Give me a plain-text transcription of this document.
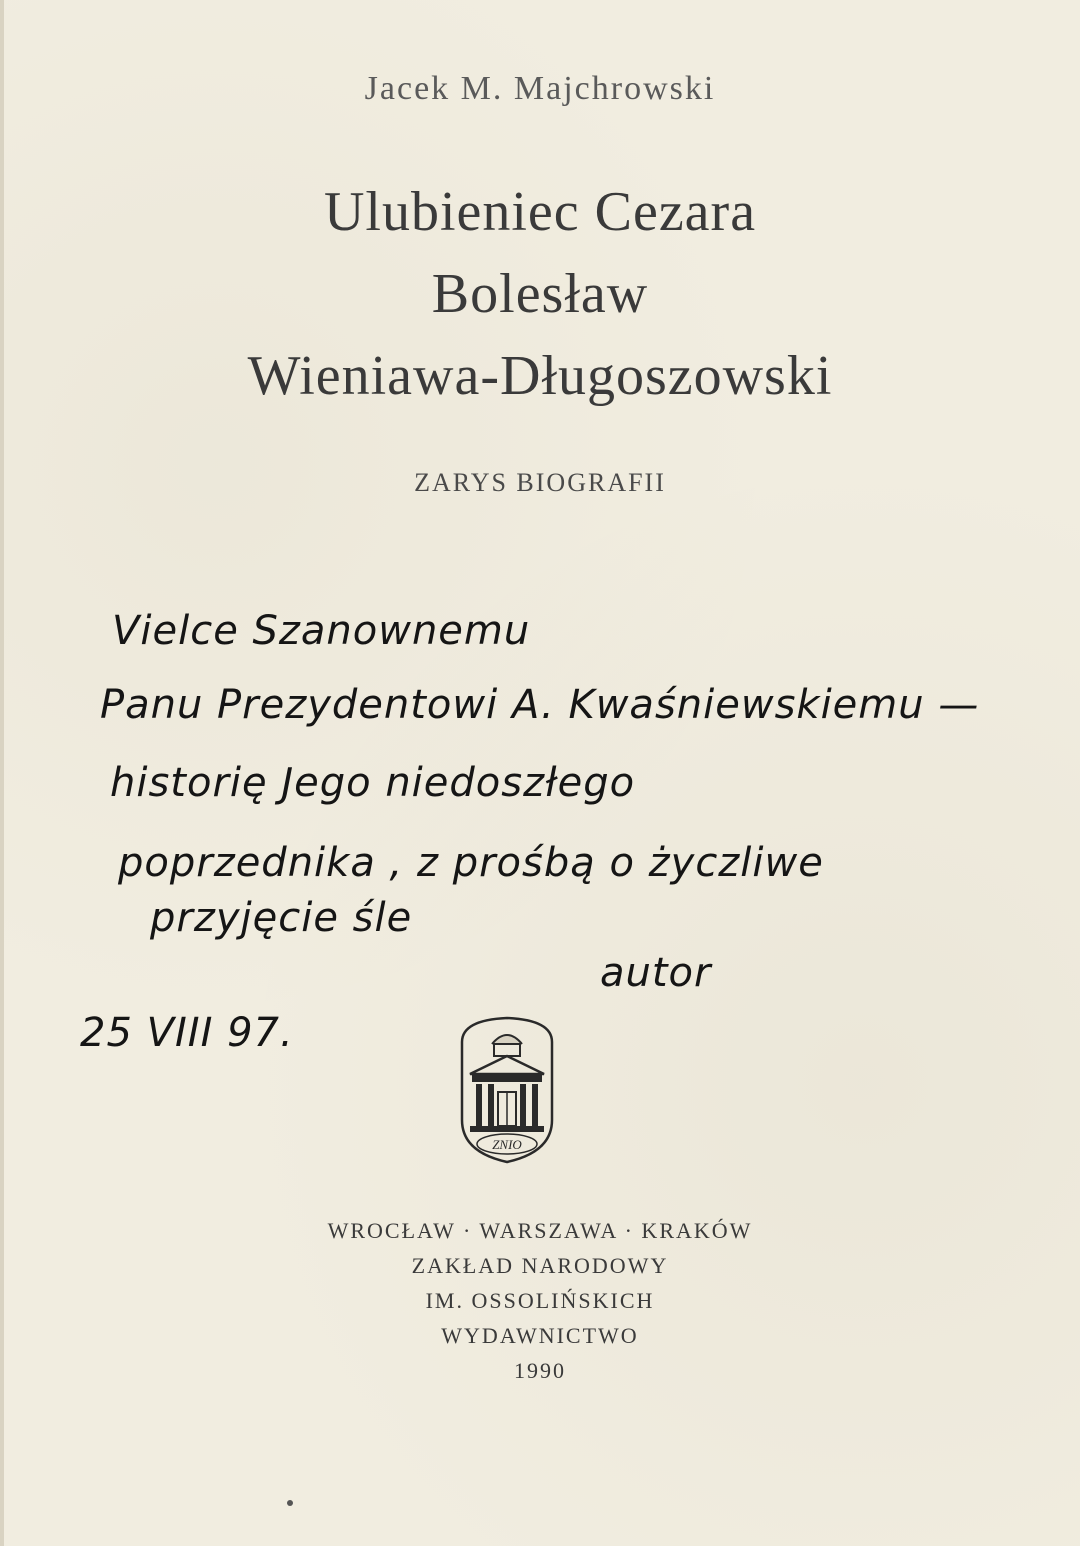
Jacek M. Majchrowski
Ulubieniec Cezara
Bolesław
Wieniawa-Długoszowski
ZARYS BIOGRAFII
Vielce Szanownemu
Panu Prezydentowi A. Kwaśniewskiemu —
historię Jego niedoszłego
poprzednika , z prośbą o życzliwe
przyjęcie śle
autor
25 VIII 97.
ZNIO
WROCŁAW · WARSZAWA · KRAKÓW
ZAKŁAD NARODOWY
IM. OSSOLIŃSKICH
WYDAWNICTWO
1990
